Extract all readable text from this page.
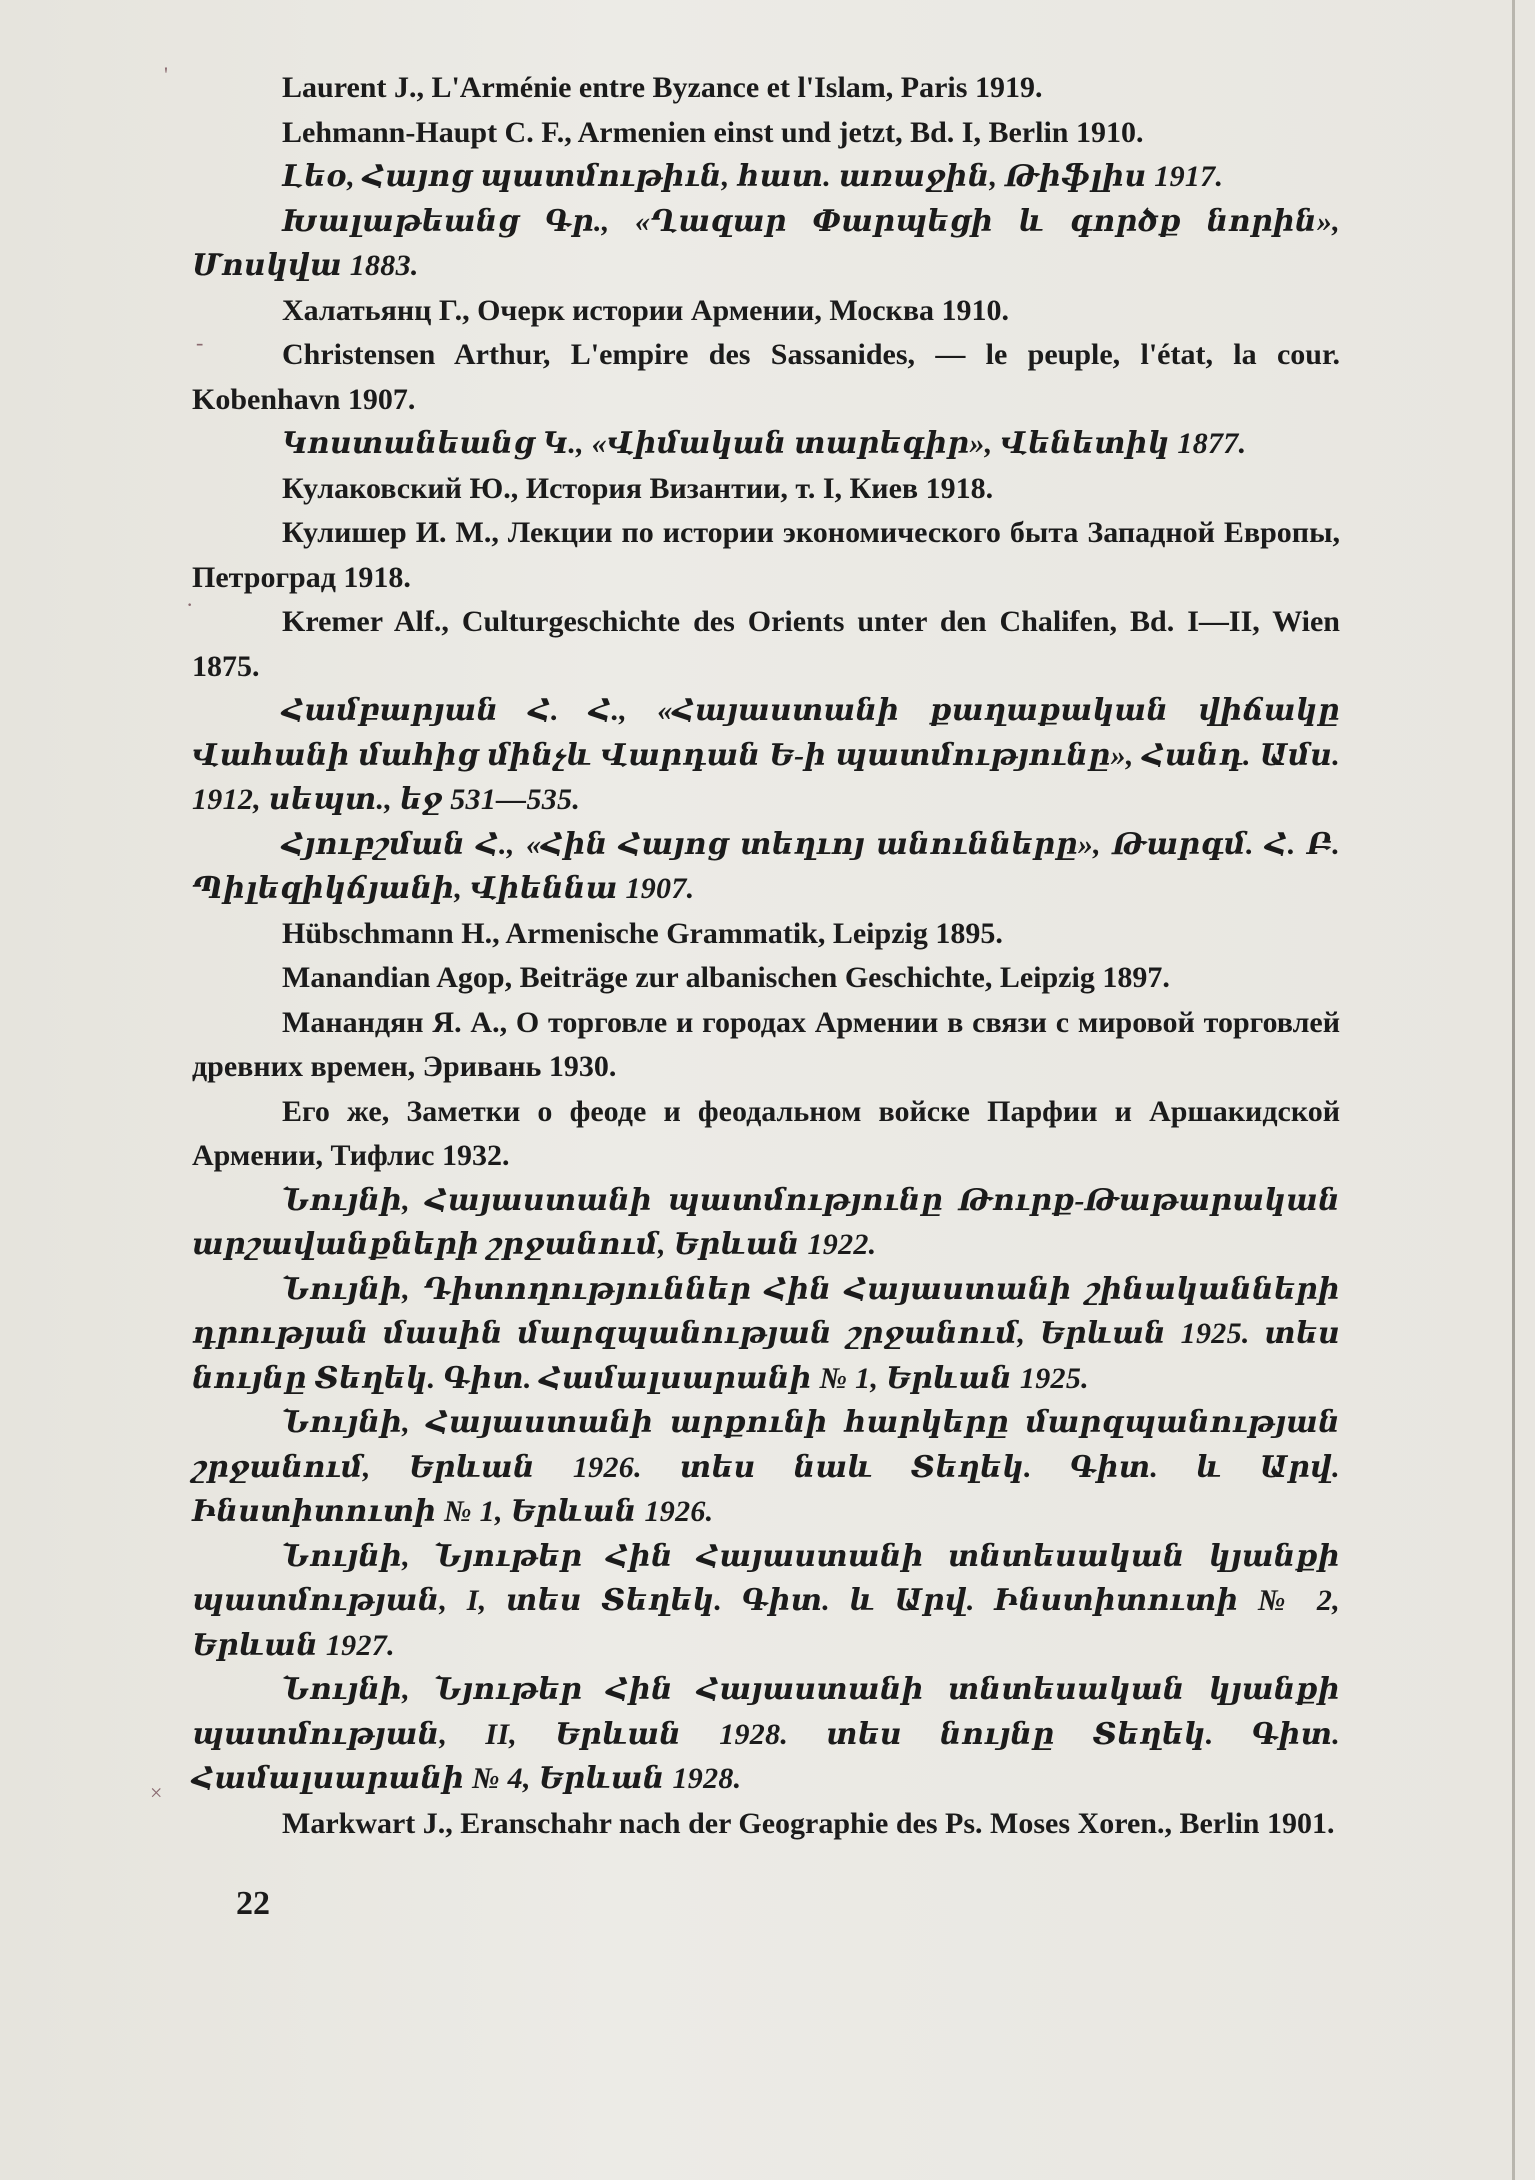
'
-
·
×

Laurent J., L'Arménie entre Byzance et l'Islam, Paris 1919.

Lehmann-Haupt C. F., Armenien einst und jetzt, Bd. I, Berlin 1910.

Լեօ, Հայոց պատմութիւն, հատ. առաջին, Թիֆլիս 1917.

Խալաթեանց Գր., «Ղազար Փարպեցի և գործք նորին», Մոսկվա 1883.

Халатьянц Г., Очерк истории Армении, Москва 1910.

Christensen Arthur, L'empire des Sassanides, — le peuple, l'état, la cour. Kobenhavn 1907.

Կոստանեանց Կ., «Վիմական տարեգիր», Վենետիկ 1877.

Кулаковский Ю., История Византии, т. I, Киев 1918.

Кулишер И. М., Лекции по истории экономического быта Западной Европы, Петроград 1918.

Kremer Alf., Culturgeschichte des Orients unter den Chalifen, Bd. I—II, Wien 1875.

Համբարյան Հ. Հ., «Հայաստանի քաղաքական վիճակը Վահանի մահից մինչև Վարդան Ե-ի պատմությունը», Հանդ. Ամս. 1912, սեպտ., եջ 531—535.

Հյուբշման Հ., «Հին Հայոց տեղւոյ անունները», Թարգմ. Հ. Բ. Պիլեզիկճյանի, Վիեննա 1907.

Hübschmann H., Armenische Grammatik, Leipzig 1895.

Manandian Agop, Beiträge zur albanischen Geschichte, Leipzig 1897.

Манандян Я. А., О торговле и городах Армении в связи с мировой торговлей древних времен, Эривань 1930.

Его же, Заметки о феоде и феодальном войске Парфии и Аршакидской Армении, Тифлис 1932.

Նույնի, Հայաստանի պատմությունը Թուրք-Թաթարական արշավանքների շրջանում, Երևան 1922.

Նույնի, Դիտողություններ Հին Հայաստանի շինականների դրության մասին մարզպանության շրջանում, Երևան 1925. տես նույնը Տեղեկ. Գիտ. Համալսարանի № 1, Երևան 1925.

Նույնի, Հայաստանի արքունի հարկերը մարզպանության շրջանում, Երևան 1926. տես նաև Տեղեկ. Գիտ. և Արվ. Ինստիտուտի № 1, Երևան 1926.

Նույնի, Նյութեր Հին Հայաստանի տնտեսական կյանքի պատմության, I, տես Տեղեկ. Գիտ. և Արվ. Ինստիտուտի № 2, Երևան 1927.

Նույնի, Նյութեր Հին Հայաստանի տնտեսական կյանքի պատմության, II, Երևան 1928. տես նույնը Տեղեկ. Գիտ. Համալսարանի № 4, Երևան 1928.

Markwart J., Eranschahr nach der Geographie des Ps. Moses Xoren., Berlin 1901.

22
